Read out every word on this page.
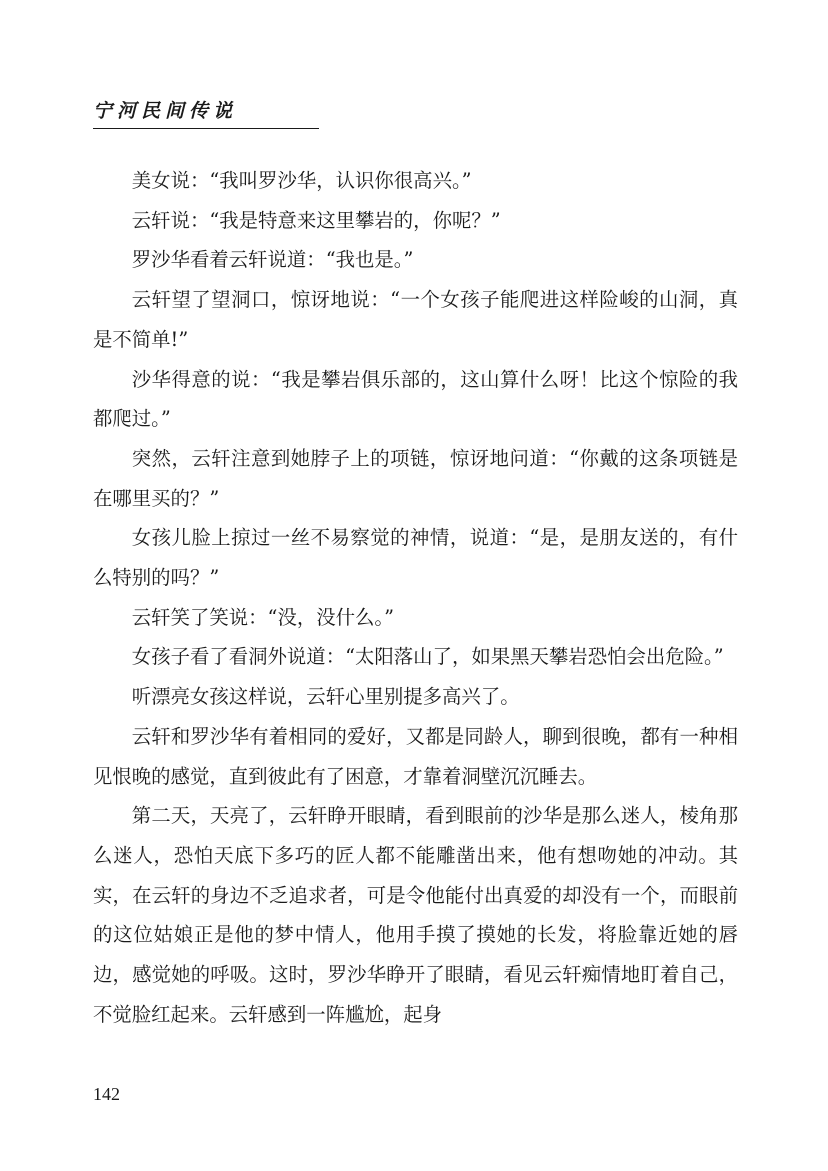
宁河民间传说

美女说：“我叫罗沙华，认识你很高兴。”

云轩说：“我是特意来这里攀岩的，你呢？”

罗沙华看着云轩说道：“我也是。”

云轩望了望洞口，惊讶地说：“一个女孩子能爬进这样险峻的山洞，真是不简单!”

沙华得意的说：“我是攀岩俱乐部的，这山算什么呀！比这个惊险的我都爬过。”

突然，云轩注意到她脖子上的项链，惊讶地问道：“你戴的这条项链是在哪里买的？”

女孩儿脸上掠过一丝不易察觉的神情，说道：“是，是朋友送的，有什么特别的吗？”

云轩笑了笑说：“没，没什么。”

女孩子看了看洞外说道：“太阳落山了，如果黑天攀岩恐怕会出危险。”

听漂亮女孩这样说，云轩心里别提多高兴了。

云轩和罗沙华有着相同的爱好，又都是同龄人，聊到很晚，都有一种相见恨晚的感觉，直到彼此有了困意，才靠着洞壁沉沉睡去。

第二天，天亮了，云轩睁开眼睛，看到眼前的沙华是那么迷人，棱角那么迷人，恐怕天底下多巧的匠人都不能雕凿出来，他有想吻她的冲动。其实，在云轩的身边不乏追求者，可是令他能付出真爱的却没有一个，而眼前的这位姑娘正是他的梦中情人，他用手摸了摸她的长发，将脸靠近她的唇边，感觉她的呼吸。这时，罗沙华睁开了眼睛，看见云轩痴情地盯着自己，不觉脸红起来。云轩感到一阵尴尬，起身

142
